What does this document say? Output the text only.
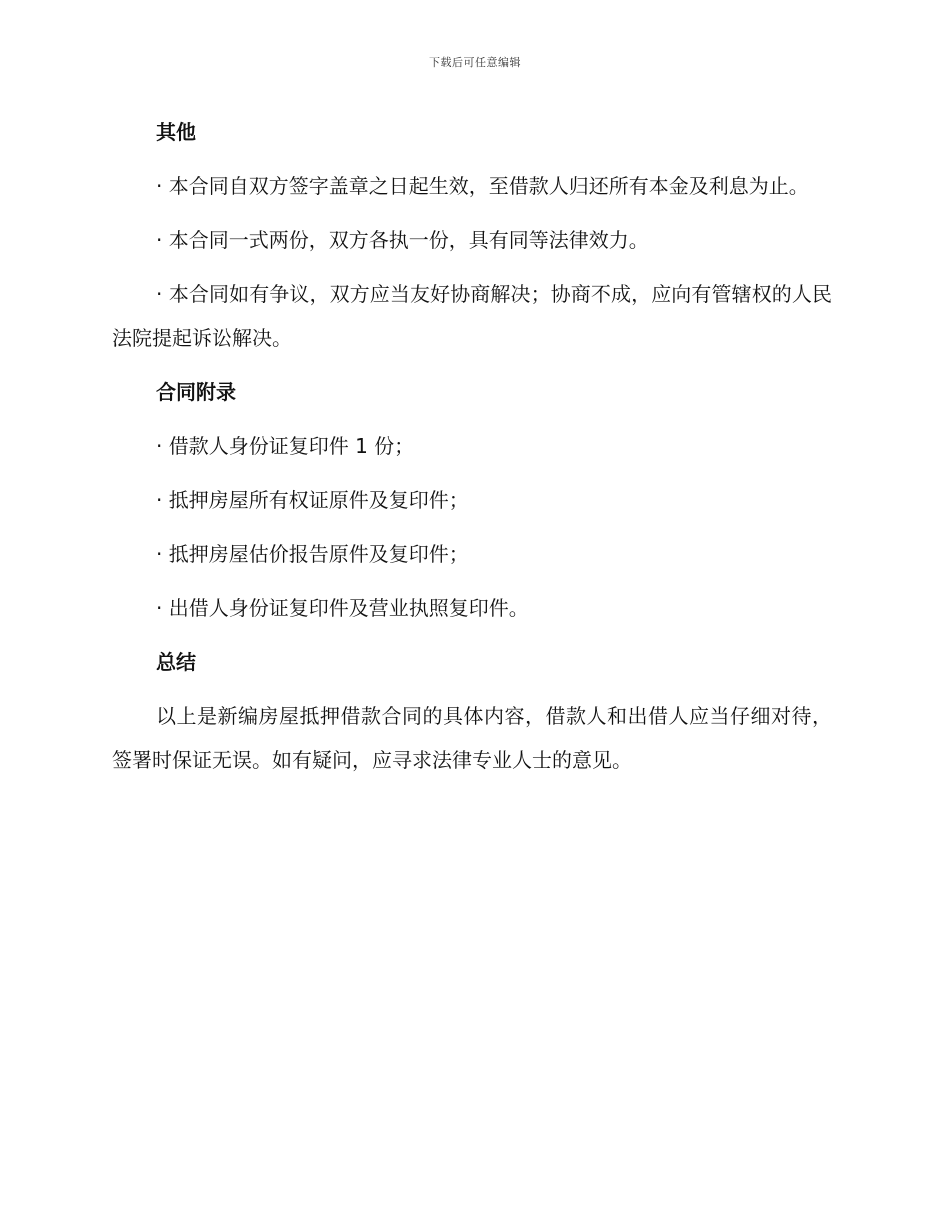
下载后可任意编辑
其他

· 本合同自双方签字盖章之日起生效，至借款人归还所有本金及利息为止。

· 本合同一式两份，双方各执一份，具有同等法律效力。

· 本合同如有争议，双方应当友好协商解决；协商不成，应向有管辖权的人民法院提起诉讼解决。

合同附录

· 借款人身份证复印件 1 份；

· 抵押房屋所有权证原件及复印件；

· 抵押房屋估价报告原件及复印件；

· 出借人身份证复印件及营业执照复印件。

总结

以上是新编房屋抵押借款合同的具体内容，借款人和出借人应当仔细对待，签署时保证无误。如有疑问，应寻求法律专业人士的意见。
